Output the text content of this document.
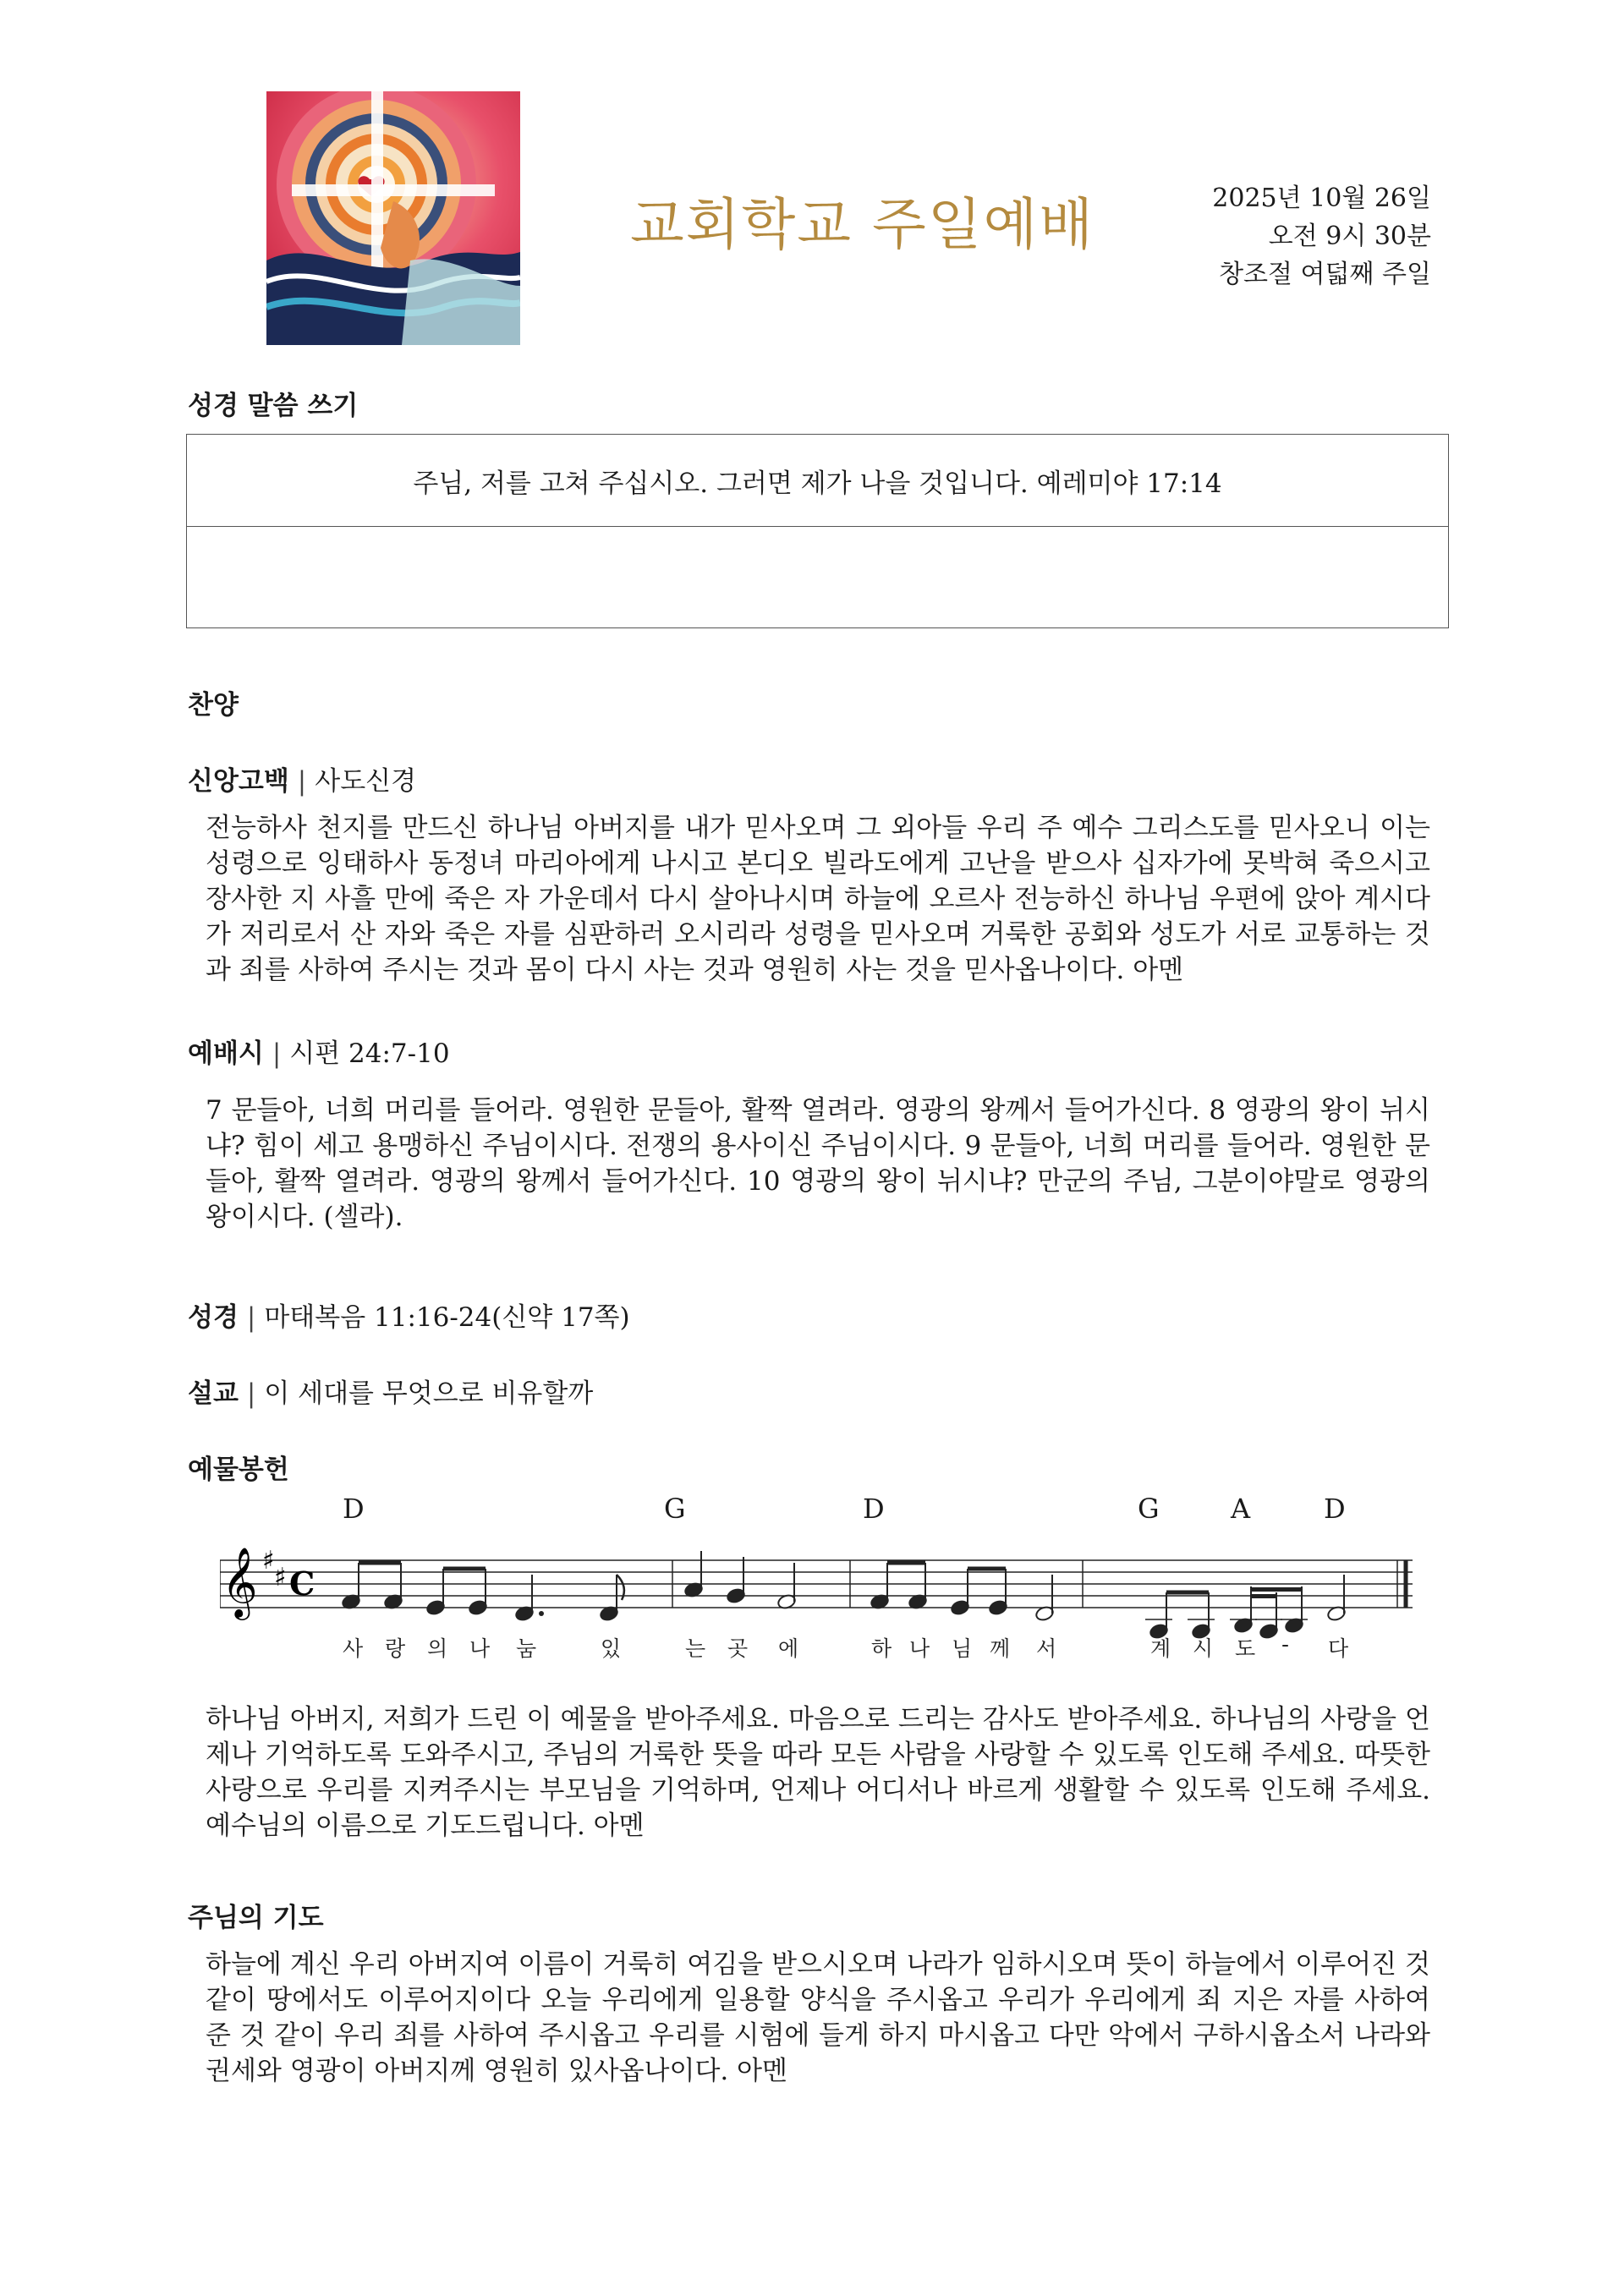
교회학교 주일예배	2025년 10월 26일
오전 9시 30분
창조절 여덟째 주일
성경 말씀 쓰기
주님, 저를 고쳐 주십시오. 그러면 제가 나을 것입니다. 예레미야 17:14
찬양
신앙고백 | 사도신경
전능하사 천지를 만드신 하나님 아버지를 내가 믿사오며 그 외아들 우리 주 예수 그리스도를 믿사오니 이는 성령으로 잉태하사 동정녀 마리아에게 나시고 본디오 빌라도에게 고난을 받으사 십자가에 못박혀 죽으시고 장사한 지 사흘 만에 죽은 자 가운데서 다시 살아나시며 하늘에 오르사 전능하신 하나님 우편에 앉아 계시다가 저리로서 산 자와 죽은 자를 심판하러 오시리라 성령을 믿사오며 거룩한 공회와 성도가 서로 교통하는 것과 죄를 사하여 주시는 것과 몸이 다시 사는 것과 영원히 사는 것을 믿사옵나이다. 아멘
예배시 | 시편 24:7-10
7 문들아, 너희 머리를 들어라. 영원한 문들아, 활짝 열려라. 영광의 왕께서 들어가신다. 8 영광의 왕이 뉘시냐? 힘이 세고 용맹하신 주님이시다. 전쟁의 용사이신 주님이시다. 9 문들아, 너희 머리를 들어라. 영원한 문들아, 활짝 열려라. 영광의 왕께서 들어가신다. 10 영광의 왕이 뉘시냐? 만군의 주님, 그분이야말로 영광의 왕이시다. (셀라).
성경 | 마태복음 11:16-24(신약 17쪽)
설교 | 이 세대를 무엇으로 비유할까
예물봉헌
D	G	D	G	A	D
𝄞 ♯
♯ C
사 랑 의 나 눔	있	는 곳 에	하 나 님 께 서	계 시 도 - 다
하나님 아버지, 저희가 드린 이 예물을 받아주세요. 마음으로 드리는 감사도 받아주세요. 하나님의 사랑을 언제나 기억하도록 도와주시고, 주님의 거룩한 뜻을 따라 모든 사람을 사랑할 수 있도록 인도해 주세요. 따뜻한 사랑으로 우리를 지켜주시는 부모님을 기억하며, 언제나 어디서나 바르게 생활할 수 있도록 인도해 주세요. 예수님의 이름으로 기도드립니다. 아멘
주님의 기도
하늘에 계신 우리 아버지여 이름이 거룩히 여김을 받으시오며 나라가 임하시오며 뜻이 하늘에서 이루어진 것 같이 땅에서도 이루어지이다 오늘 우리에게 일용할 양식을 주시옵고 우리가 우리에게 죄 지은 자를 사하여 준 것 같이 우리 죄를 사하여 주시옵고 우리를 시험에 들게 하지 마시옵고 다만 악에서 구하시옵소서 나라와 권세와 영광이 아버지께 영원히 있사옵나이다. 아멘
